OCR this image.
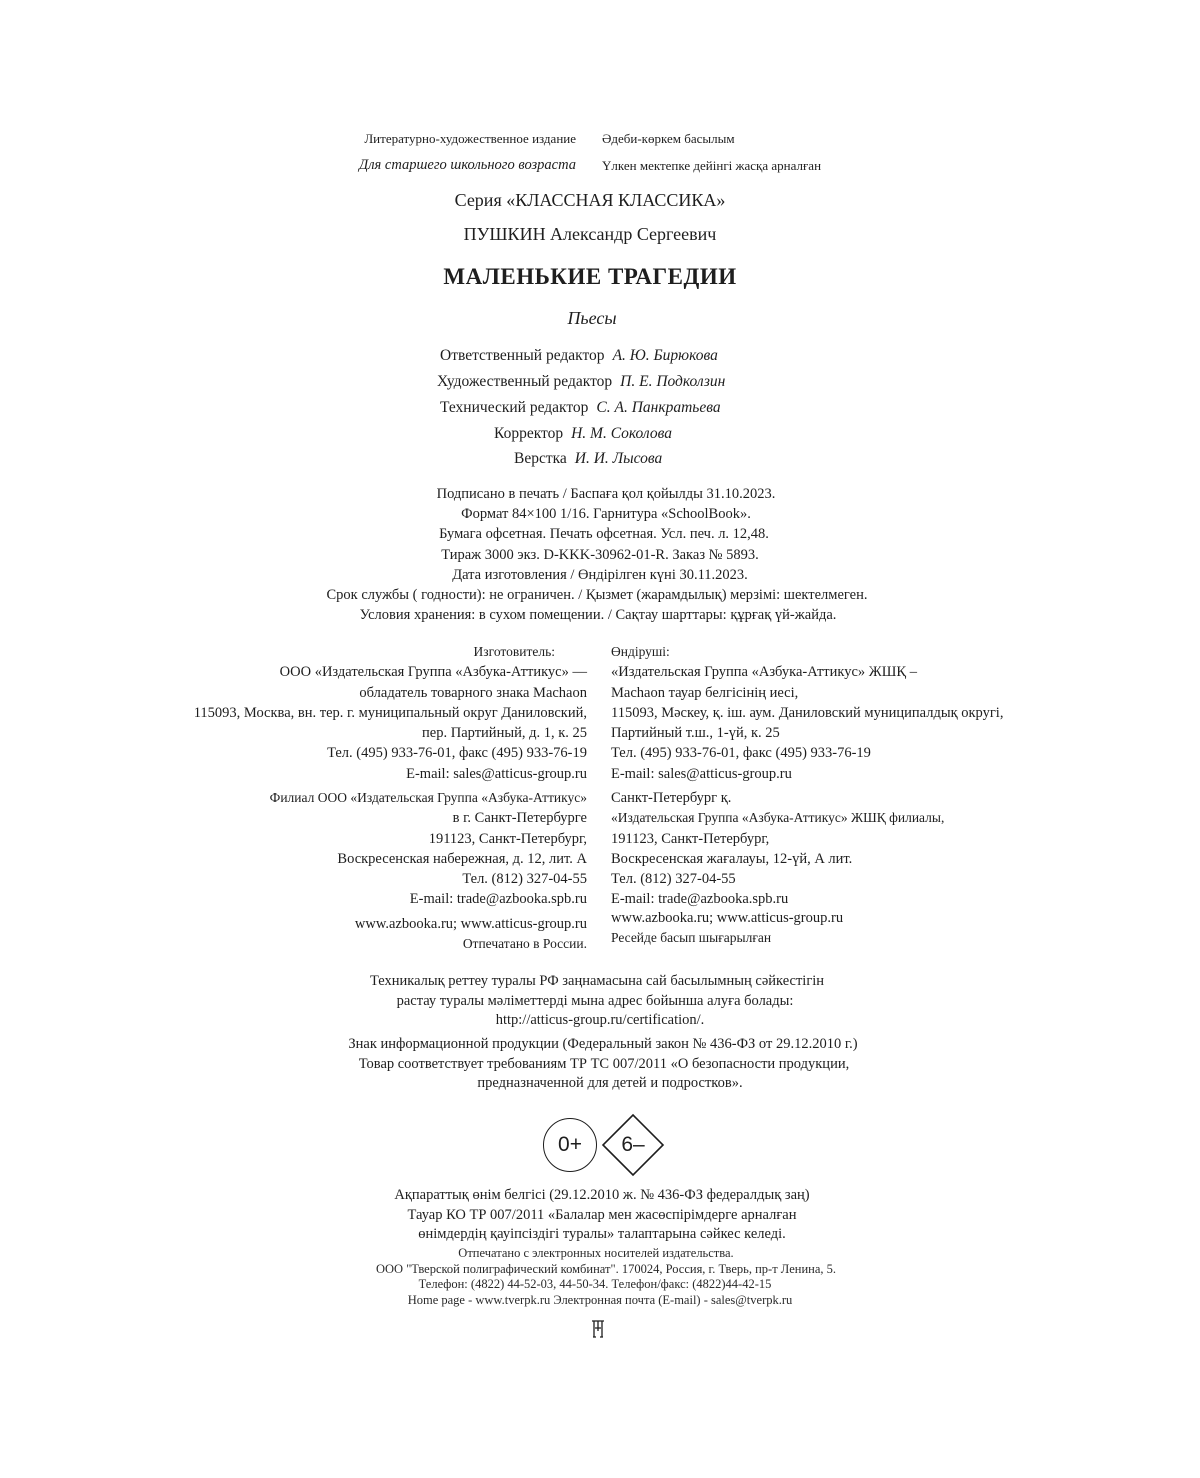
Литературно-художественное издание Әдеби-көркем басылым
Для старшего школьного возраста Үлкен мектепке дейінгі жасқа арналған
Серия «КЛАССНАЯ КЛАССИКА»
ПУШКИН Александр Сергеевич
МАЛЕНЬКИЕ ТРАГЕДИИ
Пьесы
Ответственный редактор А. Ю. Бирюкова
Художественный редактор П. Е. Подколзин
Технический редактор С. А. Панкратьева
Корректор Н. М. Соколова
Верстка И. И. Лысова
Подписано в печать / Баспаға қол қойылды 31.10.2023.
Формат 84×100 1/16. Гарнитура «SchoolBook».
Бумага офсетная. Печать офсетная. Усл. печ. л. 12,48.
Тираж 3000 экз. D-KKK-30962-01-R. Заказ № 5893.
Дата изготовления / Өндірілген күні 30.11.2023.
Срок службы ( годности): не ограничен. / Қызмет (жарамдылық) мерзімі: шектелмеген.
Условия хранения: в сухом помещении. / Сақтау шарттары: құрғақ үй-жайда.
Изготовитель:
ООО «Издательская Группа «Азбука-Аттикус» —
обладатель товарного знака Machaon
115093, Москва, вн. тер. г. муниципальный округ Даниловский,
пер. Партийный, д. 1, к. 25
Тел. (495) 933-76-01, факс (495) 933-76-19
E-mail: sales@atticus-group.ru
Өндіруші:
«Издательская Группа «Азбука-Аттикус» ЖШҚ –
Machaon тауар белгісінің иесі,
115093, Мәскеу, қ. іш. аум. Даниловский муниципалдық округі,
Партийный т.ш., 1-үй, к. 25
Тел. (495) 933-76-01, факс (495) 933-76-19
E-mail: sales@atticus-group.ru
Филиал ООО «Издательская Группа «Азбука-Аттикус»
в г. Санкт-Петербурге
191123, Санкт-Петербург,
Воскресенская набережная, д. 12, лит. А
Тел. (812) 327-04-55
E-mail: trade@azbooka.spb.ru
Санкт-Петербург қ.
«Издательская Группа «Азбука-Аттикус» ЖШҚ филиалы,
191123, Санкт-Петербург,
Воскресенская жағалауы, 12-үй, А лит.
Тел. (812) 327-04-55
E-mail: trade@azbooka.spb.ru
www.azbooka.ru; www.atticus-group.ru
Отпечатано в России.
www.azbooka.ru; www.atticus-group.ru
Ресейде басып шығарылған
Техникалық реттеу туралы РФ заңнамасына сай басылымның сәйкестігін
растау туралы мәліметтерді мына адрес бойынша алуға болады:
http://atticus-group.ru/certification/.
Знак информационной продукции (Федеральный закон № 436-ФЗ от 29.12.2010 г.)
Товар соответствует требованиям ТР ТС 007/2011 «О безопасности продукции,
предназначенной для детей и подростков».
0+	6–
Ақпараттық өнім белгісі (29.12.2010 ж. № 436-ФЗ федералдық заң)
Тауар КО ТР 007/2011 «Балалар мен жасөспірімдерге арналған
өнімдердің қауіпсіздігі туралы» талаптарына сәйкес келеді.
Отпечатано с электронных носителей издательства.
ООО "Тверской полиграфический комбинат". 170024, Россия, г. Тверь, пр-т Ленина, 5.
Телефон: (4822) 44-52-03, 44-50-34. Телефон/факс: (4822)44-42-15
Home page - www.tverpk.ru Электронная почта (E-mail) - sales@tverpk.ru
